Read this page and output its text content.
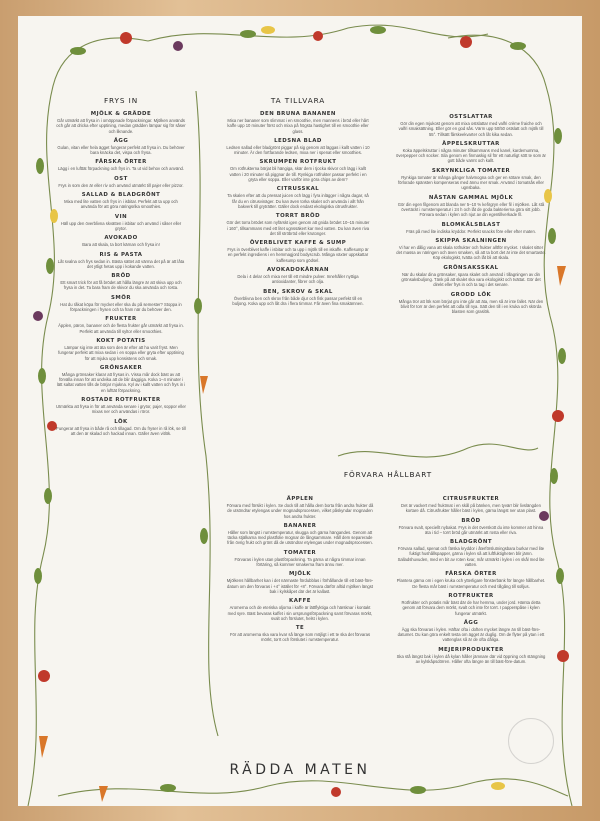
FRYS IN
MJÖLK & GRÄDDE
Går utmärkt att frysa in i omöppnade förpackningar. Mjölken används och går att dricka efter upptining, medan grädden lämpar sig för såser och liknande.
ÄGG
Gulan, vitan eller hela ägget fungerar perfekt att frysa in. Du behöver bara knäcka det, vispa och frysa.
FÄRSKA ÖRTER
Lägg i en lufttät förpackning och frys in. Ta ut vid behov och använd.
OST
Frys in som den är eller riv och använd utmärkt till pajer eller pizzor.
SALLAD & BLADGRÖNT
Mixa med lite vatten och frys in i isbitar. Perfekt att ta upp och använda för att göra näringsrika smoothies.
VIN
Häll upp den överblivna skvätten i isbitar och använd i såser eller grytor.
AVOKADO
Bara att skala, ta bort kärnan och frysa in!
RIS & PASTA
Låt svalna och frys sedan in. Bästa sättet att värma det på är att låta det ytligt hetas upp i kokande vatten.
BRÖD
Ett smart trick för att få brödet att hålla längre är att skiva upp och frysa in det. Ta bara fram de skivor du ska använda och rosta.
SMÖR
Hat du råkat köpa för mycket eller ska du på semester? Stoppa in förpackningen i frysen och ta fram när du behöver den.
FRUKTER
Äpplen, päron, bananer och de flesta frukter går utmärkt att frysa in. Perfekt att använda till syltor eller smoothies.
KOKT POTATIS
Lämpar sig inte att äta som den är efter att ha varit fryst. Men fungerar perfekt att mixa sedan i en soppa eller gryta efter upptining för att mjuka upp konsistens och smak.
GRÖNSAKER
Många grönsaker klarar att frysas in. Vissa mår dock bäst av att förvälla innan för att undvika att de blir daggiga. Koka 1–4 minuter i lätt saltat vatten tills de börjar mjukna. Kyl av i kallt vatten och frys in i en lufttät förpackning.
ROSTADE ROTFRUKTER
Utmärkta att frysa in för att använda senare i grytor, pajer, soppor eller mixas ner och användas i röror.
LÖK
Fungerar att frysa in både rå och tillagad. Om du fryser in rå lök, se till att den är skalad och hackad innan. Gäller även vitlök.
TA TILLVARA
DEN BRUNA BANANEN
Mixa ner bananer som slimmat i en smoothie, men mannens i bröd eller hårt kaffe upp 10 minuter först och mixa på högsta hastighet till en smoothie eller glass.
LEDSNA BLAD
Ledsen sallad eller bladgrönt piggar på sig genom att läggas i kallt vatten i 10 minuter. Är den fortfarande ledsen, mixa ner i spenat eller smoothies.
SKRUMPEN ROTFRUKT
Om rotfrukterna börjat bli hängiga, skär dem i tjocka skivor och lägg i kallt vatten i 20 minuter så piggnar de till. Rynkiga rotfrukter passar perfekt i en gryta eller soppa. Eller varför inte göra chips av dem?
CITRUSSKAL
Ta skalen efter att du pressat juicen och lägg i fyra inlägger i några dagar, så får du en citrusvinäger. Du kan även torka skalet och använda i allt från bakverk till gryträtter. Gäller dock endast ekologiska citrusfrukter.
TORRT BRÖD
Gör det torra brödet som nyfärskt igen genom att gnida brödet 10–15 minuter i 160°, tillsammans med ett litet ugnssäkert kar med vatten. Du kan även riva det till ströbröd eller krutonger.
ÖVERBLIVET KAFFE & SUMP
Frys in överblivet kaffe i isbitar och ta upp i mjölk till en iskaffe. Kaffesump är en perfekt ingrediens i en hemmagjord bodyscrub. Många växter uppskattar kaffesump som gödsel.
AVOKADOKÄRNAN
Dela i 4 delar och mixa ner till ett mindre pulver. Innehåller nyttiga antioxidanter, fibrer och olja.
BEN, SKROV & SKAL
Överblivna ben och skrov från både djur och fisk passar perfekt till en buljong. Koka upp och låt dra i flera timmar. Får även fina smakämnen.
OSTSLATTAR
Gör din egen mjukost genom att mixa ostslattar med valfri crème fraiche och valfri smaksättning. Eller gör en god sås. Värm upp 50/50 ostslatt och mjölk till 55°. Tillsätt fårskeekvarter och låt kika sedan.
ÄPPELSKRUTTAR
Koka äppelskruttar i några minuter tillsammans med kanel, kardemumma, överpepper och socker. Sila genom en finmaskig sil för ett naturligt sött te som är gott både varmt och kallt.
SKRYNKLIGA TOMATER
Rynkiga tomater är många gånger halvmogna och ger en sötare smak, den förlorade spänsten kompenseras med ännu mer smak. Använd i tomatsås eller ugnsbaka.
NÄSTAN GAMMAL MJÖLK
Gör din egen filgenom att blanda ner 5–10 % kefirgryn eller fil i mjölken. Låt stå övertäckt i rumstemperatur i 24 h och låt de goda bakterierna göra sitt jobb. Förvara sedan i kylen och njut av din egentillverkade fil.
BLOMKÅLSBLAST
Fräs på med lite indiska kryddor. Perfekt snacks före eller efter maten.
SKIPPA SKALNINGEN
Vi har en dålig vana att skala rotfrukter och frukter alltför mycket. I skalet sitter det massa av näringen och även smaken, så att ta bort det är inte det smartaste. Köp ekologiskt, tvätta och låt bli att skala.
GRÖNSAKSSKAL
När du skalar dina grönsaker, spara skalet och använd i tillagningen av din grönsaksbuljong. Tänk på att skalet ska vara ekologiskt och tvättat. Gör det direkt eller frys in och ta tag i det senare.
GRODD LÖK
Många tror att lök som börjat gro inte går att äta, men så är inte fallet. När den blivit för torr är den perfekt att odla till nya. Sätt den till i en kruka och skörda blasten som graslök.
FÖRVARA HÅLLBART
ÄPPLEN
Förvara med försikt i kylen. Se dock till att hålla dem borta från andra frukter då de utsöndrar etylengas under mognadsprocessen, vilket påskyndar mognaden hos andra frukter.
BANANER
Håller som längst i rumstemperatur, skugga och gärna hängandes. Genom att täcka stjälkarna med plastfolie mognar de långsammare. Håll dem separerade från övrig frukt och grönt då de utsöndrar etylengas under mognadsprocessen.
TOMATER
Förvaras i kylen utan plastförpackning. Ta gärna ut några timmar innan förtäring, så kommer smakerna fram ännu mer.
MJÖLK
Mjölkens hållbarhet kan i det närmaste fördubblas i förhållande till ett bäst-före-datum om den förvaras i +4° istället för +8°. Förvara därför alltid mjölken längst bak i kylskåpet där det är kallast.
KAFFE
Aromerna och de eteriska oljorna i kaffe är lättflyktiga och härsknar i kontakt med syre. Bäst bevaras kaffet i sin ursprungsförpackning samt förvaras mörkt, svalt och förslutet, helst i kylen.
TE
För att aromerna ska vara kvar så länge som möjligt i ett te ska det förvaras mörkt, torrt och förslutet i rumstemperatur.
CITRUSFRUKTER
Det är vackert med fruktmat i en skål på bänken, men tyvärr blir livslängden kortare då. Citrusfrukter håller bäst i kylen, gärna längst ner utan plast.
BRÖD
Förvara svalt, speciellt nybakat. Frys in det överskott du inte kommer att hinna äta i tid – torrt bröd går utmärkt att rosta eller riva.
BLADGRÖNT
Förvara sallad, spenat och färska kryddor i återförslutningsbara burkar med lite fuktigt hushållspapper, gärna i kylen så att luftfuktigheten blir jämn. Salladshuvuden, med en bit av roten kvar, mår utmärkt i kylen i en skål med lite vatten.
FÄRSKA ÖRTER
Plantera gärna om i egen kruka och ytterligare fönsterbänk för längre hållbarhet. De flesta mår bäst i rumstemperatur och med tillgång till solljus.
ROTFRUKTER
Rotfrukter och potatis mår bäst där de har hemma, under jord. Hämta detta genom att förvara dem mörkt, svalt och inte för torrt. I papperspåse i kylen fungerar utmärkt.
ÄGG
Ägg ska förvaras i kylen. Häftar ofta i doften mycket längre än till bäst-före-datumet. Du kan göra enkelt testa om ägget är duglig. Om de flyter på ytan i ett vattenglas så är de ofta dåliga.
MEJERIPRODUKTER
Ska stå längst bak i kylen då kylan håller jämnare där vid öppning och stängning av kylskåpsdörren. Håller ofta längre än till bäst-före-datum.
RÄDDA MATEN
